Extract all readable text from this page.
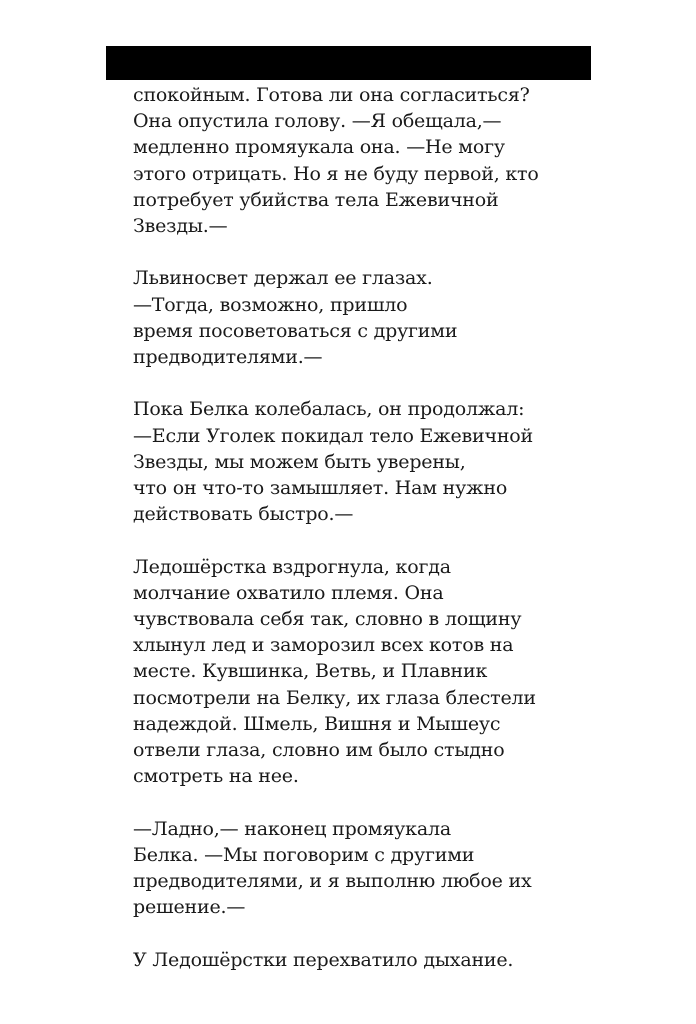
спокойным. Готова ли она согласиться?
Она опустила голову. —Я обещала,—
медленно промяукала она. —Не могу
этого отрицать. Но я не буду первой, кто
потребует убийства тела Ежевичной
Звезды.—

Львиносвет держал ее глазах.
—Тогда, возможно, пришло
время посоветоваться с другими
предводителями.—

Пока Белка колебалась, он продолжал:
—Если Уголек покидал тело Ежевичной
Звезды, мы можем быть уверены,
что он что-то замышляет. Нам нужно
действовать быстро.—

Ледошёрстка вздрогнула, когда
молчание охватило племя. Она
чувствовала себя так, словно в лощину
хлынул лед и заморозил всех котов на
месте. Кувшинка, Ветвь, и Плавник
посмотрели на Белку, их глаза блестели
надеждой. Шмель, Вишня и Мышеус
отвели глаза, словно им было стыдно
смотреть на нее.

—Ладно,— наконец промяукала
Белка. —Мы поговорим с другими
предводителями, и я выполню любое их
решение.—

У Ледошёрстки перехватило дыхание.
